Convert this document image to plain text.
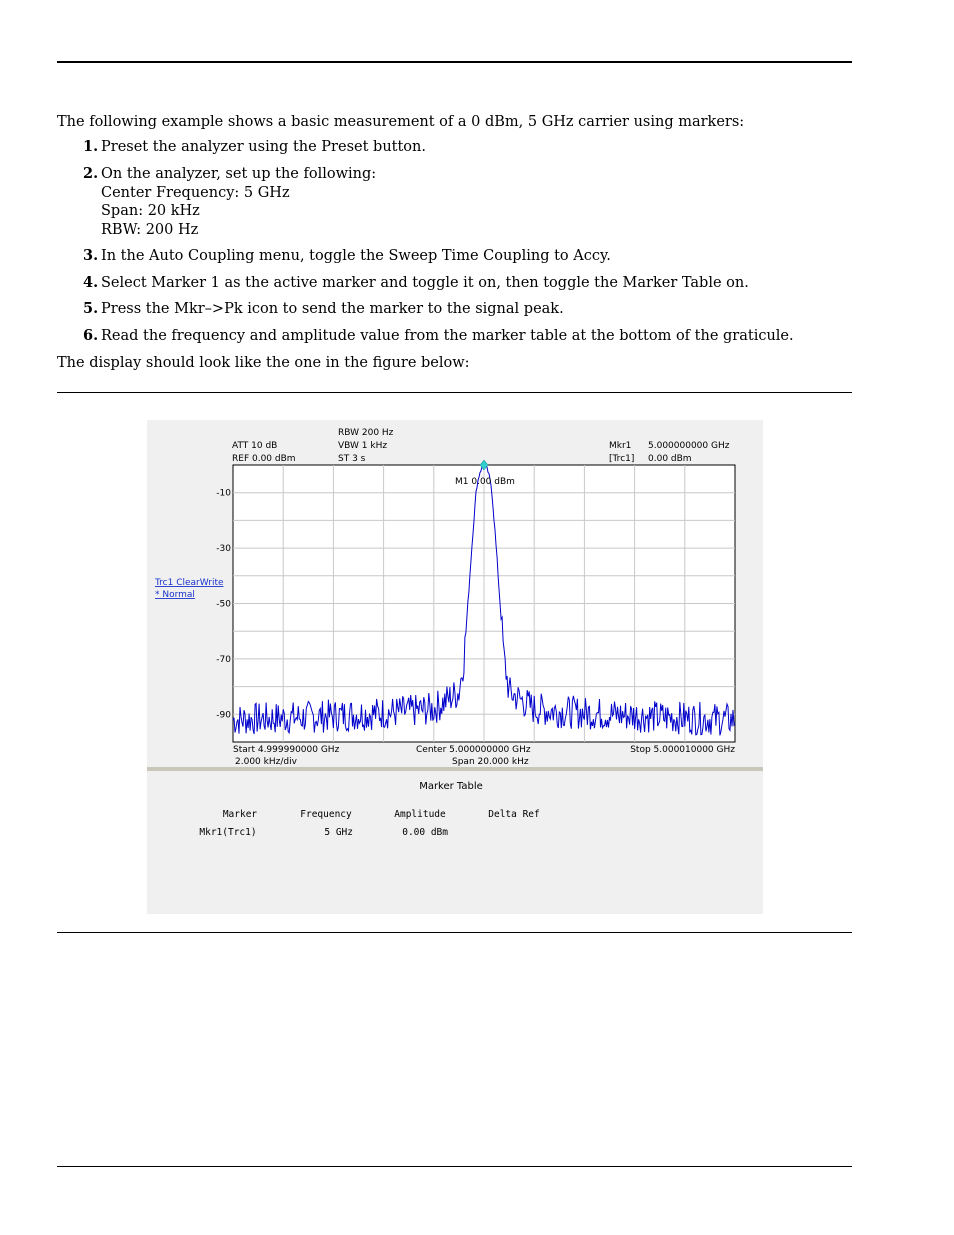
The following example shows a basic measurement of a 0 dBm, 5 GHz carrier using markers:
1. Preset the analyzer using the Preset button.
2. On the analyzer, set up the following:
Center Frequency: 5 GHz
Span: 20 kHz
RBW: 200 Hz
3. In the Auto Coupling menu, toggle the Sweep Time Coupling to Accy.
4. Select Marker 1 as the active marker and toggle it on, then toggle the Marker Table on.
5. Press the Mkr–>Pk icon to send the marker to the signal peak.
6. Read the frequency and amplitude value from the marker table at the bottom of the graticule.
The display should look like the one in the figure below:
ATT 10 dB
REF 0.00 dBm
RBW 200 Hz
VBW 1 kHz
ST 3 s
Mkr1 5.000000000 GHz
[Trc1] 0.00 dBm
-10
-30
-50
-70
-90
M1 0.00 dBm
Trc1 ClearWrite
* Normal
Start 4.999990000 GHz	Center 5.000000000 GHz	Stop 5.000010000 GHz
2.000 kHz/div	Span 20.000 kHz
Marker Table
Marker	Frequency	Amplitude	Delta Ref
Mkr1(Trc1)	5 GHz	0.00 dBm
